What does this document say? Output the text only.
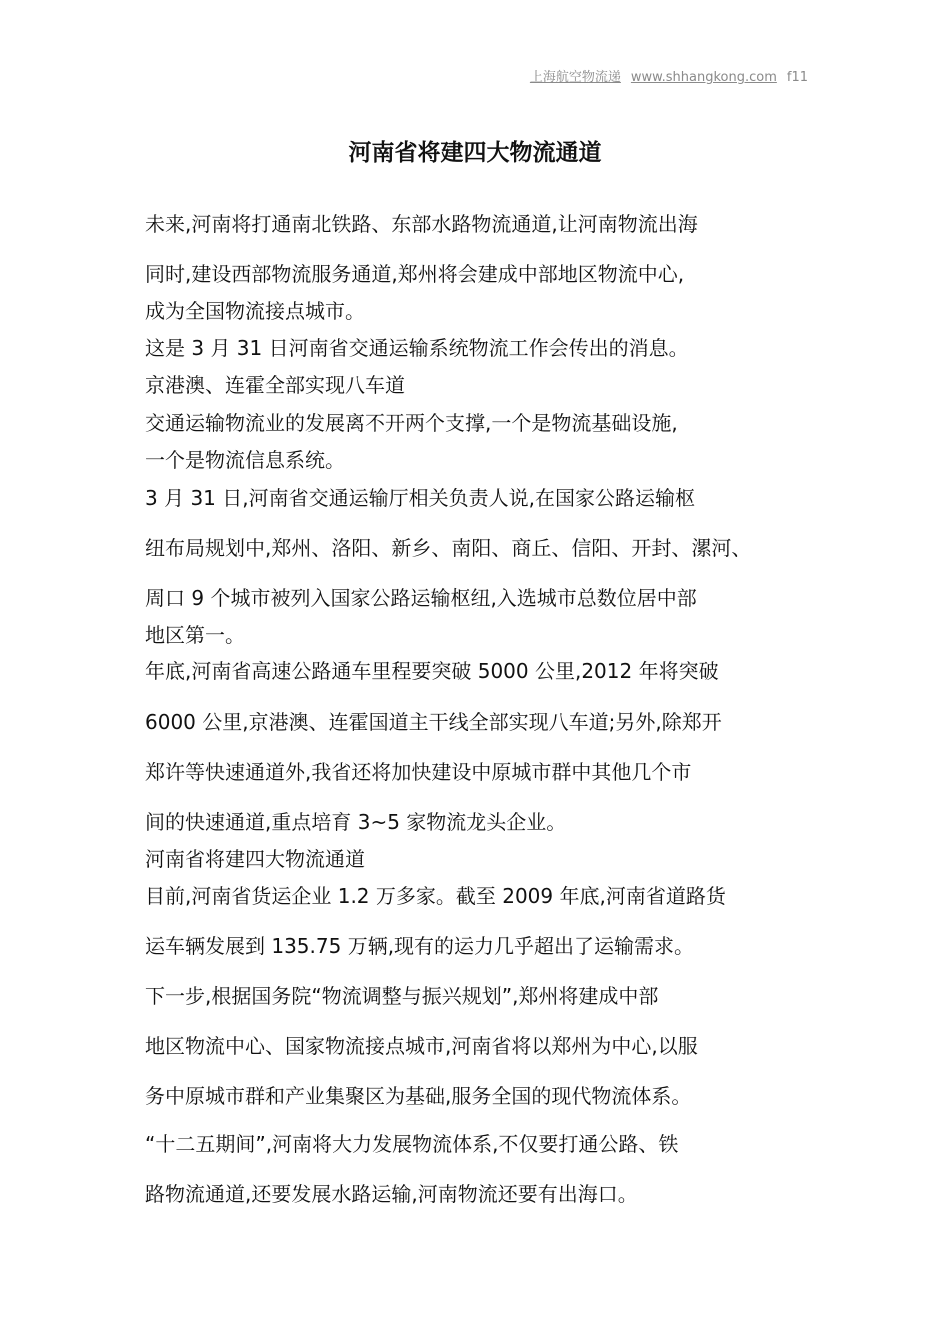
上海航空物流递 www.shhangkong.com f11
河南省将建四大物流通道
未来,河南将打通南北铁路、东部水路物流通道,让河南物流出海
同时,建设西部物流服务通道,郑州将会建成中部地区物流中心,
成为全国物流接点城市。
这是 3 月 31 日河南省交通运输系统物流工作会传出的消息。
京港澳、连霍全部实现八车道
交通运输物流业的发展离不开两个支撑,一个是物流基础设施,
一个是物流信息系统。
3 月 31 日,河南省交通运输厅相关负责人说,在国家公路运输枢
纽布局规划中,郑州、洛阳、新乡、南阳、商丘、信阳、开封、漯河、
周口 9 个城市被列入国家公路运输枢纽,入选城市总数位居中部
地区第一。
年底,河南省高速公路通车里程要突破 5000 公里,2012 年将突破
6000 公里,京港澳、连霍国道主干线全部实现八车道;另外,除郑开
郑许等快速通道外,我省还将加快建设中原城市群中其他几个市
间的快速通道,重点培育 3~5 家物流龙头企业。
河南省将建四大物流通道
目前,河南省货运企业 1.2 万多家。截至 2009 年底,河南省道路货
运车辆发展到 135.75 万辆,现有的运力几乎超出了运输需求。
下一步,根据国务院“物流调整与振兴规划”,郑州将建成中部
地区物流中心、国家物流接点城市,河南省将以郑州为中心,以服
务中原城市群和产业集聚区为基础,服务全国的现代物流体系。
“十二五期间”,河南将大力发展物流体系,不仅要打通公路、铁
路物流通道,还要发展水路运输,河南物流还要有出海口。
